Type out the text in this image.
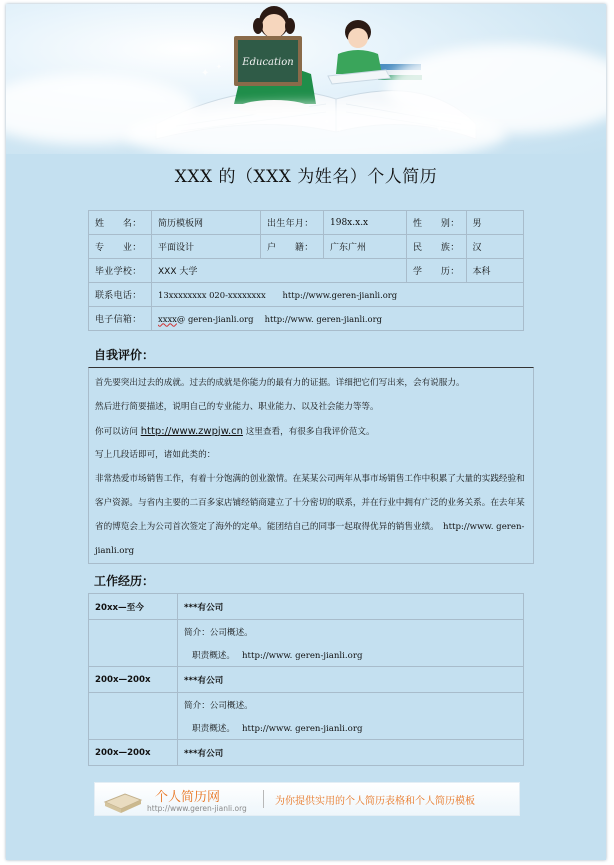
Education
✦
✦
XXX 的（XXX 为姓名）个人简历
姓　　名：	简历模板网	出生年月：	198x.x.x	性　　别：	男
专　　业：	平面设计	户　　籍：	广东广州	民　　族：	汉
毕业学校：	XXX 大学			学　　历：	本科
联系电话：	13xxxxxxxx 020-xxxxxxxx　　http://www.geren-jianli.org				
电子信箱：	xxxx@ geren-jianli.org　 http://www. geren-jianli.org				
自我评价：
首先要突出过去的成就。过去的成就是你能力的最有力的证据。详细把它们写出来，会有说服力。
然后进行简要描述，说明自己的专业能力、职业能力、以及社会能力等等。
你可以访问 http://www.zwpjw.cn 这里查看，有很多自我评价范文。
写上几段话即可，诸如此类的：
非常热爱市场销售工作，有着十分饱满的创业激情。在某某公司两年从事市场销售工作中积累了大量的实践经验和客户资源。与省内主要的二百多家店铺经销商建立了十分密切的联系，并在行业中拥有广泛的业务关系。在去年某省的博览会上为公司首次签定了海外的定单。能团结自己的同事一起取得优异的销售业绩。　http://www. geren-jianli.org
工作经历：
20xx—至今	***有公司
	简介：公司概述。
	职责概述。　 http://www. geren-jianli.org
200x—200x	***有公司
	简介：公司概述。
	职责概述。　 http://www. geren-jianli.org
200x—200x	***有公司
个人简历网
http://www.geren-jianli.org
为你提供实用的个人简历表格和个人简历模板
